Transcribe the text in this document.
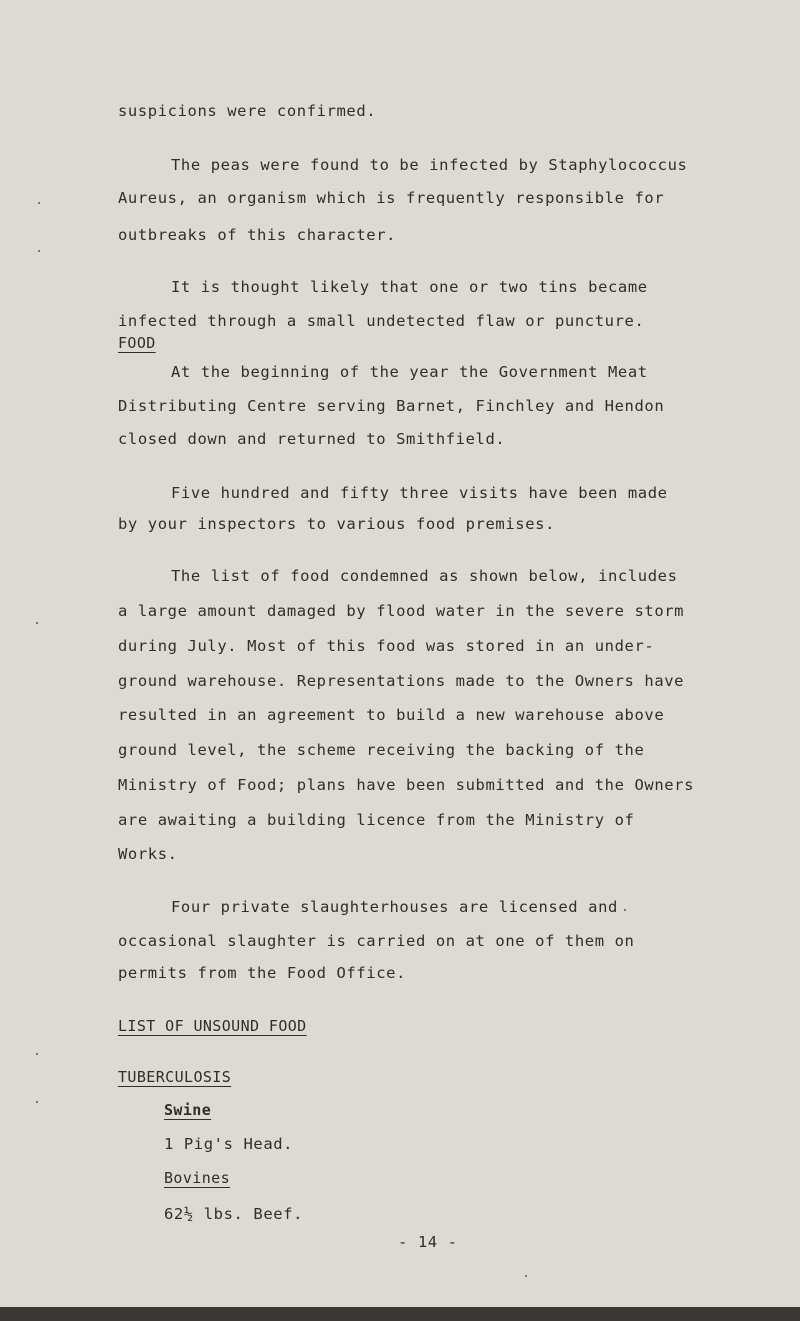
suspicions were confirmed.
The peas were found to be infected by Staphylococcus
Aureus, an organism which is frequently responsible for
outbreaks of this character.
It is thought likely that one or two tins became
infected through a small undetected flaw or puncture.
FOOD
At the beginning of the year the Government Meat
Distributing Centre serving Barnet, Finchley and Hendon
closed down and returned to Smithfield.
Five hundred and fifty three visits have been made
by your inspectors to various food premises.
The list of food condemned as shown below, includes
a large amount damaged by flood water in the severe storm
during July. Most of this food was stored in an under-
ground warehouse. Representations made to the Owners have
resulted in an agreement to build a new warehouse above
ground level, the scheme receiving the backing of the
Ministry of Food; plans have been submitted and the Owners
are awaiting a building licence from the Ministry of
Works.
Four private slaughterhouses are licensed and
occasional slaughter is carried on at one of them on
permits from the Food Office.
LIST OF UNSOUND FOOD
TUBERCULOSIS
Swine
1 Pig's Head.
Bovines
62½ lbs. Beef.
- 14 -
